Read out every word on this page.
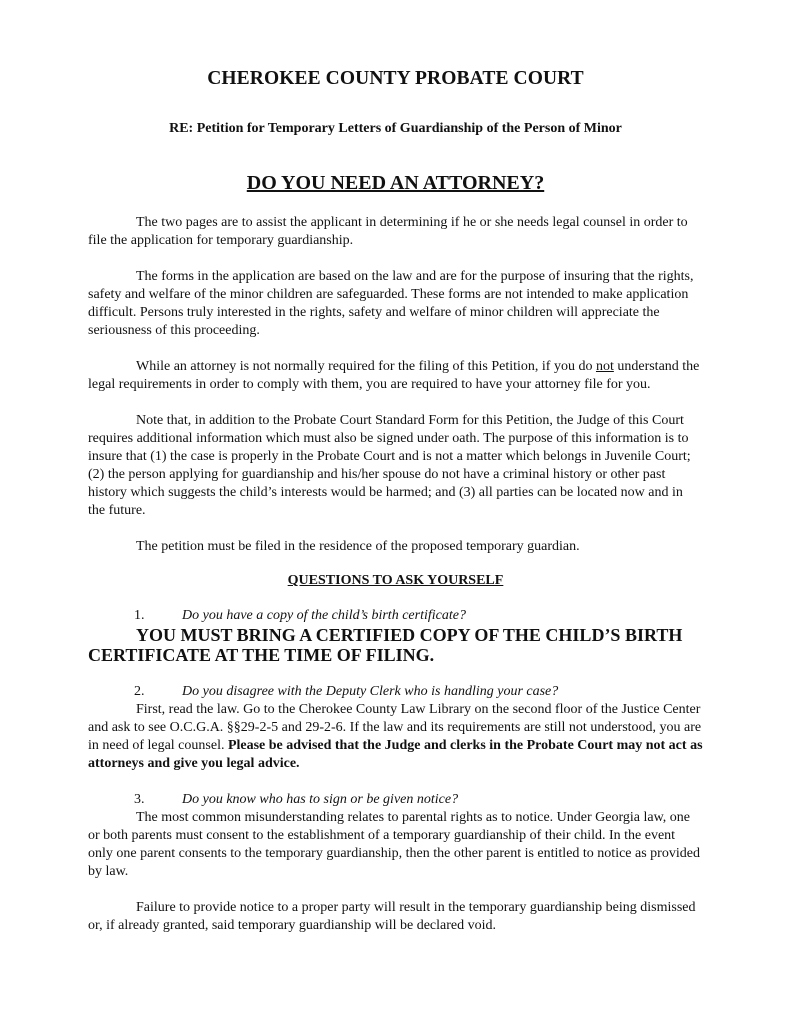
CHEROKEE COUNTY PROBATE COURT
RE: Petition for Temporary Letters of Guardianship of the Person of Minor
DO YOU NEED AN ATTORNEY?

The two pages are to assist the applicant in determining if he or she needs legal counsel in order to file the application for temporary guardianship.

The forms in the application are based on the law and are for the purpose of insuring that the rights, safety and welfare of the minor children are safeguarded. These forms are not intended to make application difficult. Persons truly interested in the rights, safety and welfare of minor children will appreciate the seriousness of this proceeding.

While an attorney is not normally required for the filing of this Petition, if you do not understand the legal requirements in order to comply with them, you are required to have your attorney file for you.

Note that, in addition to the Probate Court Standard Form for this Petition, the Judge of this Court requires additional information which must also be signed under oath. The purpose of this information is to insure that (1) the case is properly in the Probate Court and is not a matter which belongs in Juvenile Court; (2) the person applying for guardianship and his/her spouse do not have a criminal history or other past history which suggests the child’s interests would be harmed; and (3) all parties can be located now and in the future.

The petition must be filed in the residence of the proposed temporary guardian.

QUESTIONS TO ASK YOURSELF
1.	Do you have a copy of the child’s birth certificate?

YOU MUST BRING A CERTIFIED COPY OF THE CHILD’S BIRTH CERTIFICATE AT THE TIME OF FILING.

2.	Do you disagree with the Deputy Clerk who is handling your case?

First, read the law. Go to the Cherokee County Law Library on the second floor of the Justice Center and ask to see O.C.G.A. §§29-2-5 and 29-2-6. If the law and its requirements are still not understood, you are in need of legal counsel. Please be advised that the Judge and clerks in the Probate Court may not act as attorneys and give you legal advice.

3.	Do you know who has to sign or be given notice?

The most common misunderstanding relates to parental rights as to notice. Under Georgia law, one or both parents must consent to the establishment of a temporary guardianship of their child. In the event only one parent consents to the temporary guardianship, then the other parent is entitled to notice as provided by law.

Failure to provide notice to a proper party will result in the temporary guardianship being dismissed or, if already granted, said temporary guardianship will be declared void.
